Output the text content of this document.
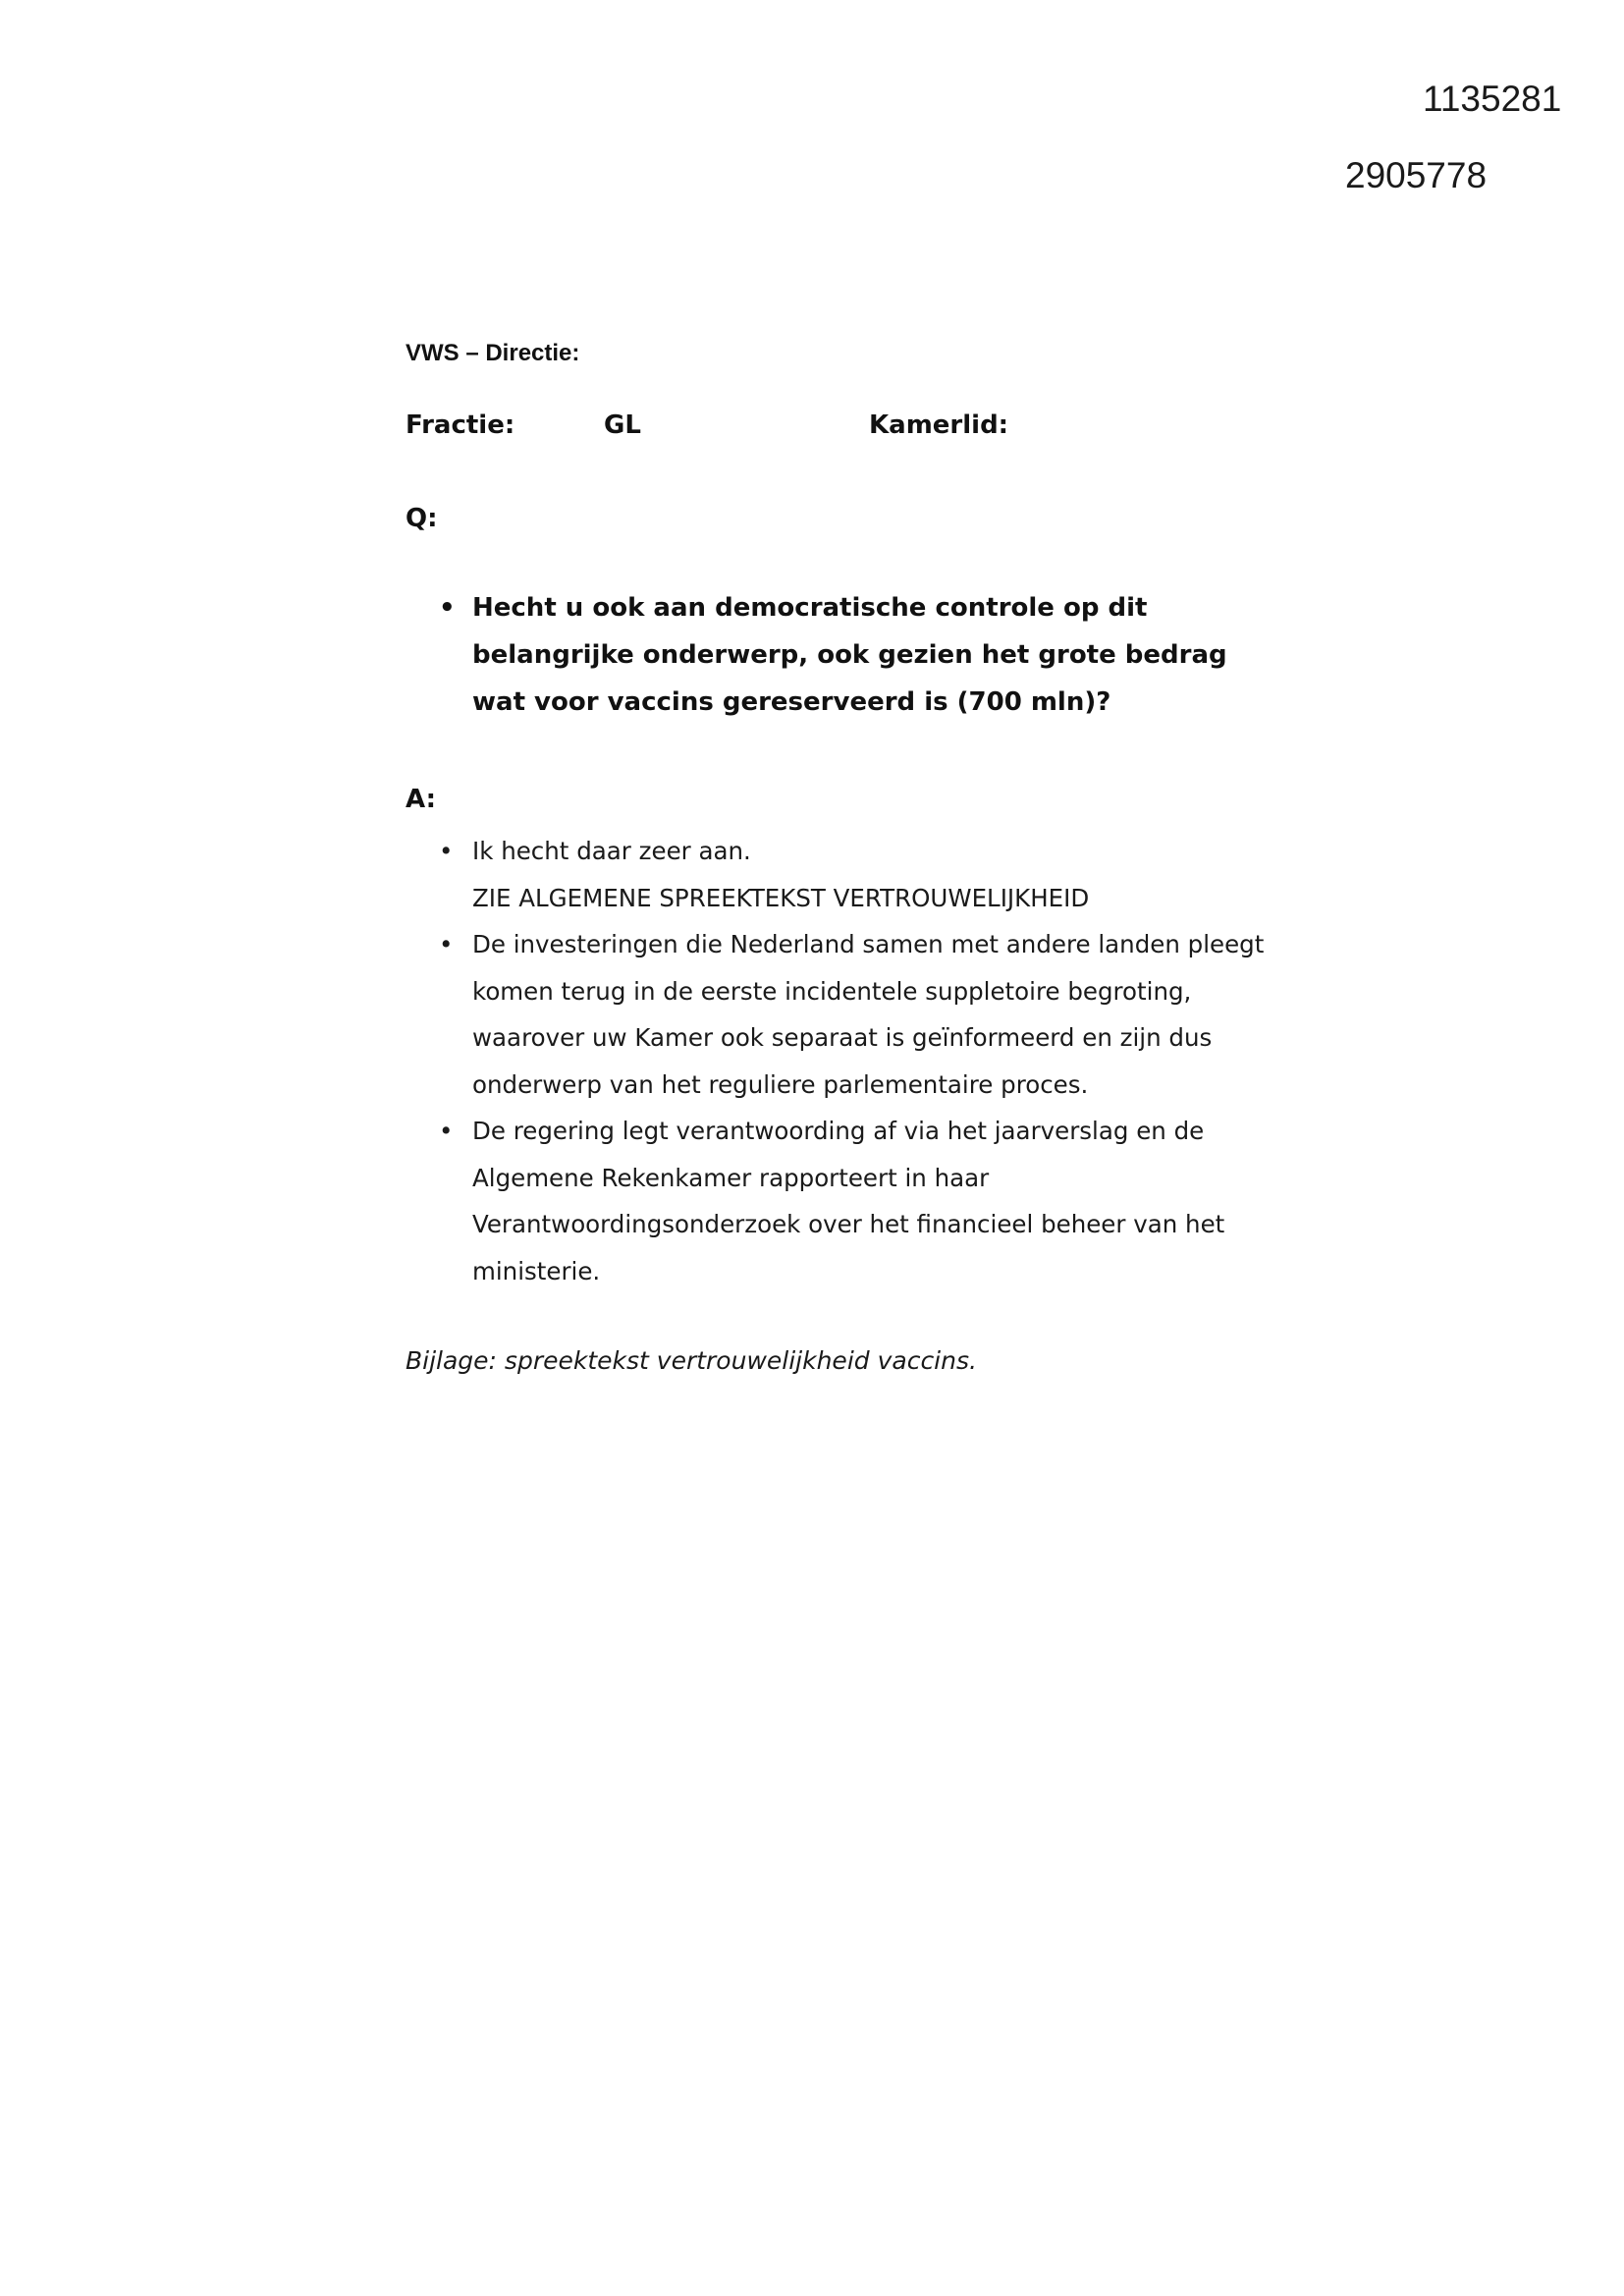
1135281
2905778

VWS – Directie:

Fractie:	GL	Kamerlid:

Q:

• Hecht u ook aan democratische controle op dit belangrijke onderwerp, ook gezien het grote bedrag wat voor vaccins gereserveerd is (700 mln)?

A:

• Ik hecht daar zeer aan.
ZIE ALGEMENE SPREEKTEKST VERTROUWELIJKHEID
• De investeringen die Nederland samen met andere landen pleegt komen terug in de eerste incidentele suppletoire begroting, waarover uw Kamer ook separaat is geïnformeerd en zijn dus onderwerp van het reguliere parlementaire proces.
• De regering legt verantwoording af via het jaarverslag en de Algemene Rekenkamer rapporteert in haar Verantwoordingsonderzoek over het financieel beheer van het ministerie.

Bijlage: spreektekst vertrouwelijkheid vaccins.
